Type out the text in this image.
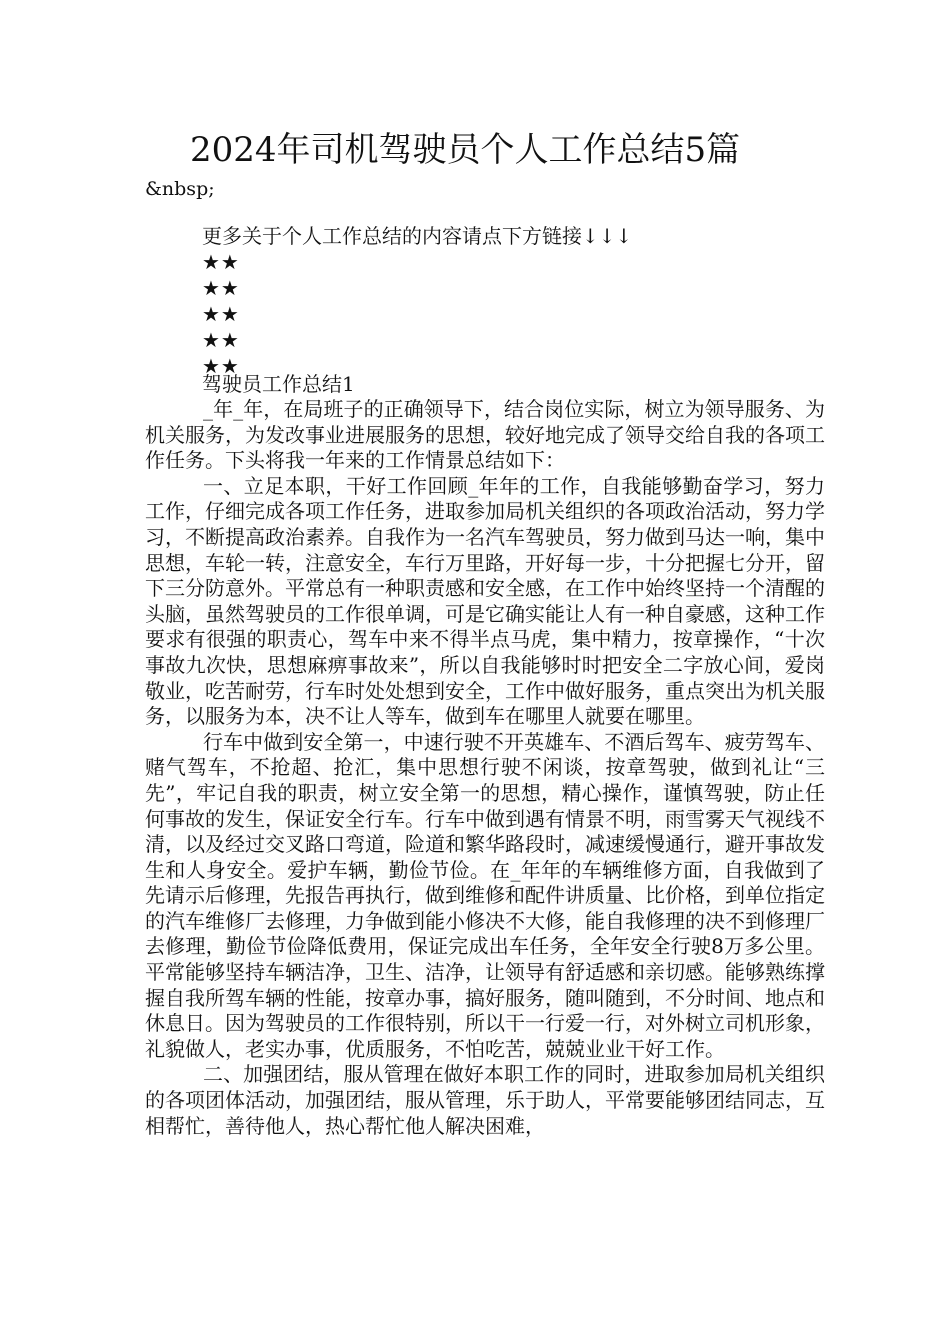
2024年司机驾驶员个人工作总结5篇
&nbsp;
更多关于个人工作总结的内容请点下方链接↓↓↓
★★
★★
★★
★★
★★
驾驶员工作总结1

_年_年，在局班子的正确领导下，结合岗位实际，树立为领导服务、为机关服务，为发改事业进展服务的思想，较好地完成了领导交给自我的各项工作任务。下头将我一年来的工作情景总结如下：

一、立足本职，干好工作回顾_年年的工作，自我能够勤奋学习，努力工作，仔细完成各项工作任务，进取参加局机关组织的各项政治活动，努力学习，不断提高政治素养。自我作为一名汽车驾驶员，努力做到马达一响，集中思想，车轮一转，注意安全，车行万里路，开好每一步，十分把握七分开，留下三分防意外。平常总有一种职责感和安全感，在工作中始终坚持一个清醒的头脑，虽然驾驶员的工作很单调，可是它确实能让人有一种自豪感，这种工作要求有很强的职责心，驾车中来不得半点马虎，集中精力，按章操作，“十次事故九次快，思想麻痹事故来”，所以自我能够时时把安全二字放心间，爱岗敬业，吃苦耐劳，行车时处处想到安全，工作中做好服务，重点突出为机关服务，以服务为本，决不让人等车，做到车在哪里人就要在哪里。

行车中做到安全第一，中速行驶不开英雄车、不酒后驾车、疲劳驾车、赌气驾车，不抢超、抢汇，集中思想行驶不闲谈，按章驾驶，做到礼让“三先”，牢记自我的职责，树立安全第一的思想，精心操作，谨慎驾驶，防止任何事故的发生，保证安全行车。行车中做到遇有情景不明，雨雪雾天气视线不清，以及经过交叉路口弯道，险道和繁华路段时，减速缓慢通行，避开事故发生和人身安全。爱护车辆，勤俭节俭。在_年年的车辆维修方面，自我做到了先请示后修理，先报告再执行，做到维修和配件讲质量、比价格，到单位指定的汽车维修厂去修理，力争做到能小修决不大修，能自我修理的决不到修理厂去修理，勤俭节俭降低费用，保证完成出车任务，全年安全行驶8万多公里。平常能够坚持车辆洁净，卫生、洁净，让领导有舒适感和亲切感。能够熟练撑握自我所驾车辆的性能，按章办事，搞好服务，随叫随到，不分时间、地点和休息日。因为驾驶员的工作很特别，所以干一行爱一行，对外树立司机形象，礼貌做人，老实办事，优质服务，不怕吃苦，兢兢业业干好工作。

二、加强团结，服从管理在做好本职工作的同时，进取参加局机关组织的各项团体活动，加强团结，服从管理，乐于助人，平常要能够团结同志，互相帮忙，善待他人，热心帮忙他人解决困难，
